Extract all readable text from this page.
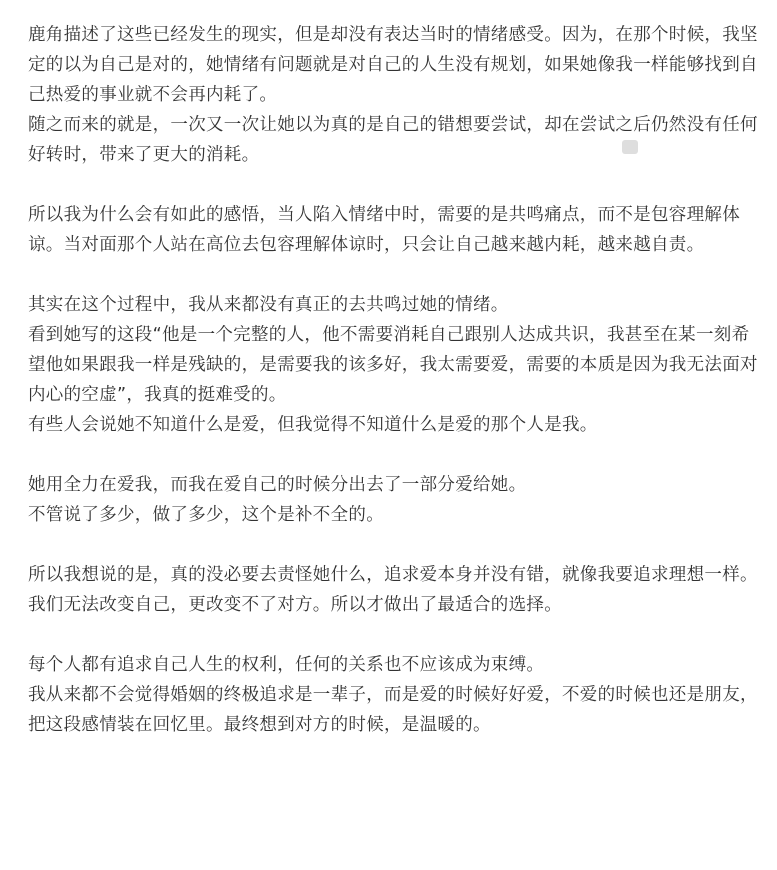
鹿角描述了这些已经发生的现实，但是却没有表达当时的情绪感受。因为，在那个时候，我坚定的以为自己是对的，她情绪有问题就是对自己的人生没有规划，如果她像我一样能够找到自己热爱的事业就不会再内耗了。

随之而来的就是，一次又一次让她以为真的是自己的错想要尝试，却在尝试之后仍然没有任何好转时，带来了更大的消耗。

所以我为什么会有如此的感悟，当人陷入情绪中时，需要的是共鸣痛点，而不是包容理解体谅。当对面那个人站在高位去包容理解体谅时，只会让自己越来越内耗，越来越自责。

其实在这个过程中，我从来都没有真正的去共鸣过她的情绪。

看到她写的这段“他是一个完整的人，他不需要消耗自己跟别人达成共识，我甚至在某一刻希望他如果跟我一样是残缺的，是需要我的该多好，我太需要爱，需要的本质是因为我无法面对内心的空虚”，我真的挺难受的。

有些人会说她不知道什么是爱，但我觉得不知道什么是爱的那个人是我。

她用全力在爱我，而我在爱自己的时候分出去了一部分爱给她。

不管说了多少，做了多少，这个是补不全的。

所以我想说的是，真的没必要去责怪她什么，追求爱本身并没有错，就像我要追求理想一样。我们无法改变自己，更改变不了对方。所以才做出了最适合的选择。

每个人都有追求自己人生的权利，任何的关系也不应该成为束缚。

我从来都不会觉得婚姻的终极追求是一辈子，而是爱的时候好好爱，不爱的时候也还是朋友，把这段感情装在回忆里。最终想到对方的时候，是温暖的。
